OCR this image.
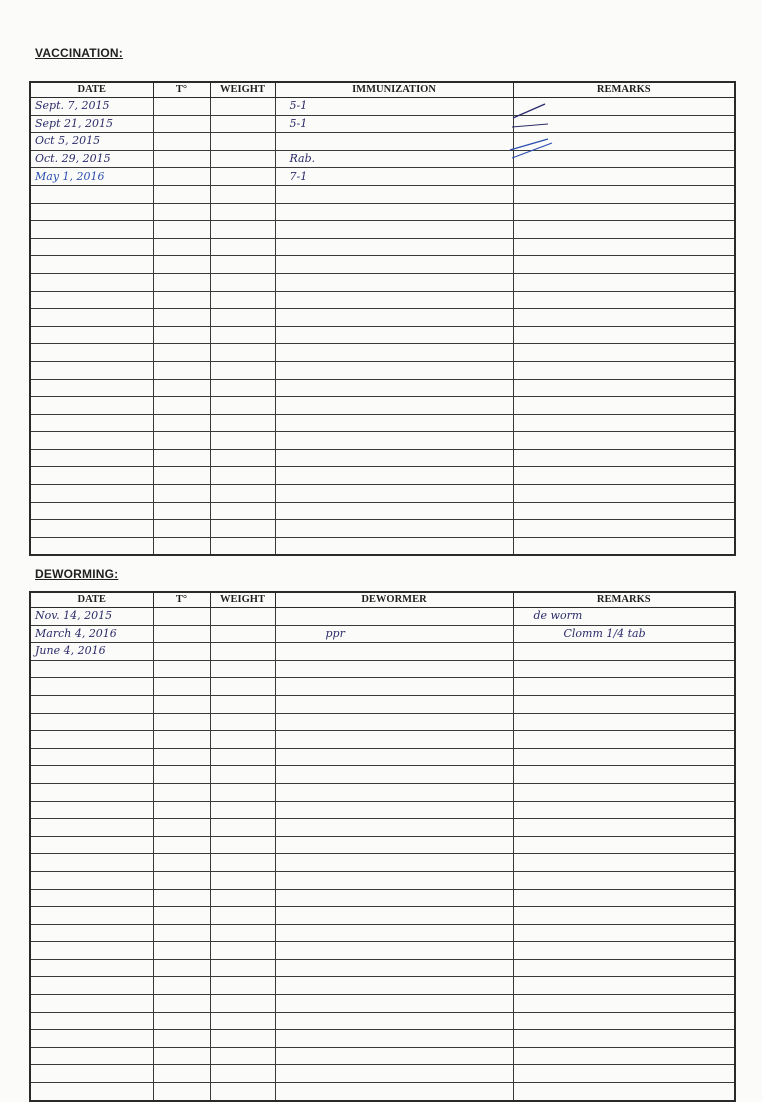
VACCINATION:
DATE	T°	WEIGHT	IMMUNIZATION	REMARKS
Sept. 7, 2015			5-1	
Sept 21, 2015			5-1	
Oct 5, 2015				
Oct. 29, 2015			Rab.	
May 1, 2016			7-1	

DEWORMING:
DATE	T°	WEIGHT	DEWORMER	REMARKS
Nov. 14, 2015				de worm
March 4, 2016			ppr	Clomm 1/4 tab
June 4, 2016				
